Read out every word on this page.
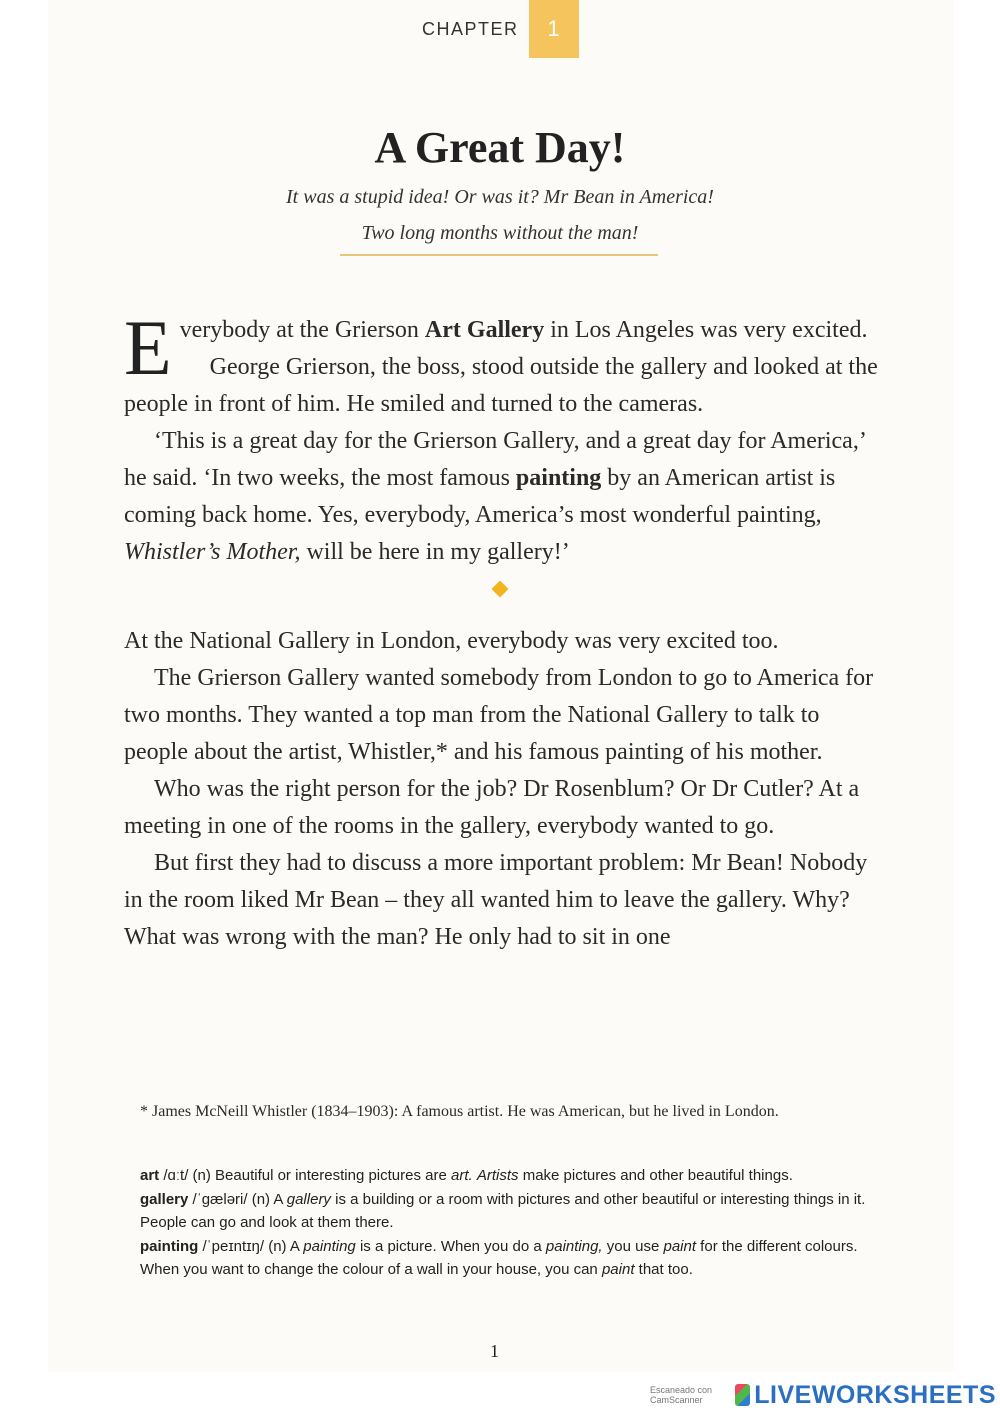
CHAPTER	1
A Great Day!
It was a stupid idea! Or was it? Mr Bean in America!
Two long months without the man!

Everybody at the Grierson Art Gallery in Los Angeles was very excited.

George Grierson, the boss, stood outside the gallery and looked at the people in front of him. He smiled and turned to the cameras.

‘This is a great day for the Grierson Gallery, and a great day for America,’ he said. ‘In two weeks, the most famous painting by an American artist is coming back home. Yes, everybody, America’s most wonderful painting, Whistler’s Mother, will be here in my gallery!’

At the National Gallery in London, everybody was very excited too.

The Grierson Gallery wanted somebody from London to go to America for two months. They wanted a top man from the National Gallery to talk to people about the artist, Whistler,* and his famous painting of his mother.

Who was the right person for the job? Dr Rosenblum? Or Dr Cutler? At a meeting in one of the rooms in the gallery, everybody wanted to go.

But first they had to discuss a more important problem: Mr Bean! Nobody in the room liked Mr Bean – they all wanted him to leave the gallery. Why? What was wrong with the man? He only had to sit in one

* James McNeill Whistler (1834–1903): A famous artist. He was American, but he lived in London.
art /ɑːt/ (n) Beautiful or interesting pictures are art. Artists make pictures and other beautiful things.
gallery /ˈɡæləri/ (n) A gallery is a building or a room with pictures and other beautiful or interesting things in it. People can go and look at them there.
painting /ˈpeɪntɪŋ/ (n) A painting is a picture. When you do a painting, you use paint for the different colours. When you want to change the colour of a wall in your house, you can paint that too.
1
Escaneado con CamScanner	LIVEWORKSHEETS
